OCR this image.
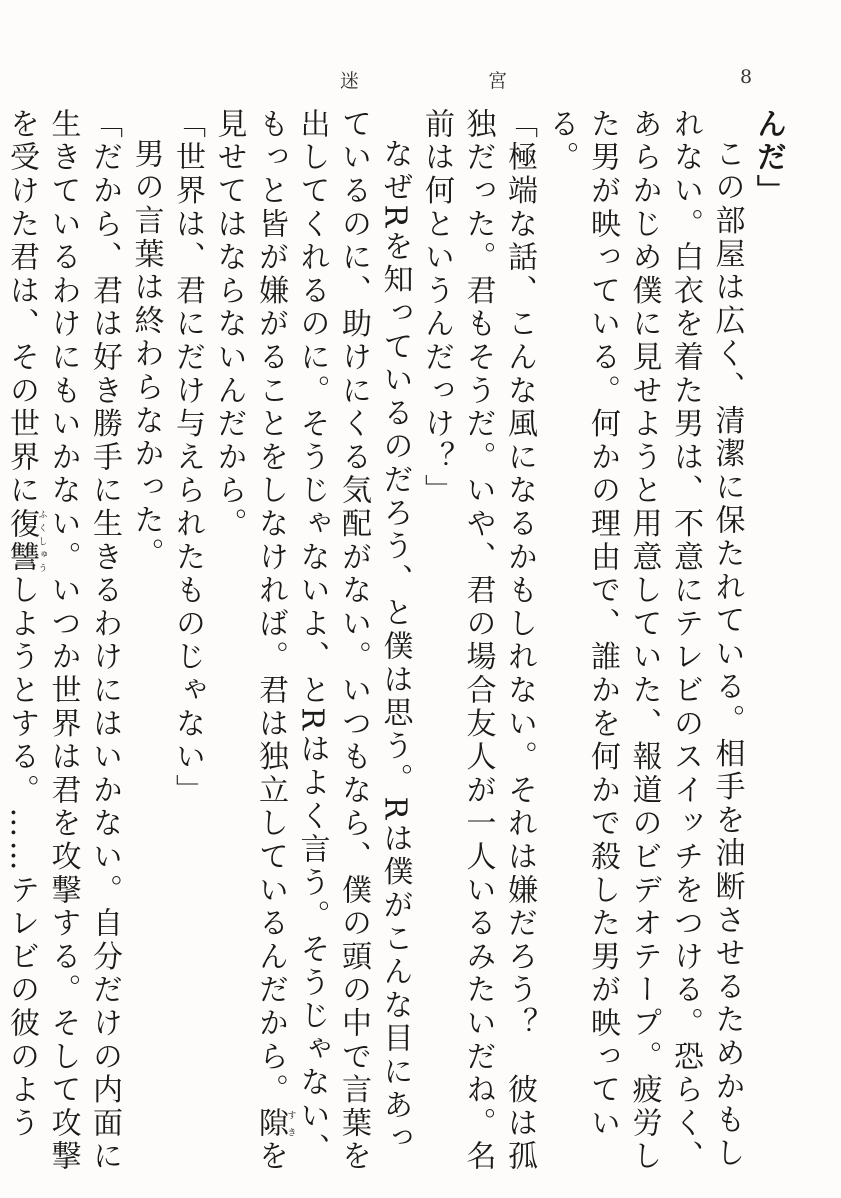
8
宮
迷

んだ」

この部屋は広く、清潔に保たれている。相手を油断させるためかもしれない。白衣を着た男は、不意にテレビのスイッチをつける。恐らく、あらかじめ僕に見せようと用意していた、報道のビデオテープ。疲労した男が映っている。何かの理由で、誰かを何かで殺した男が映っている。

「極端な話、こんな風になるかもしれない。それは嫌だろう？　彼は孤独だった。君もそうだ。いや、君の場合友人が一人いるみたいだね。名前は何というんだっけ？」

なぜRを知っているのだろう、と僕は思う。Rは僕がこんな目にあっているのに、助けにくる気配がない。いつもなら、僕の頭の中で言葉を出してくれるのに。そうじゃないよ、とRはよく言う。そうじゃない、もっと皆が嫌がることをしなければ。君は独立しているんだから。隙すきを見せてはならないんだから。

「世界は、君にだけ与えられたものじゃない」

男の言葉は終わらなかった。

「だから、君は好き勝手に生きるわけにはいかない。自分だけの内面に生きているわけにもいかない。いつか世界は君を攻撃する。そして攻撃を受けた君は、その世界に復讐ふくしゅうしようとする。……テレビの彼のよう
